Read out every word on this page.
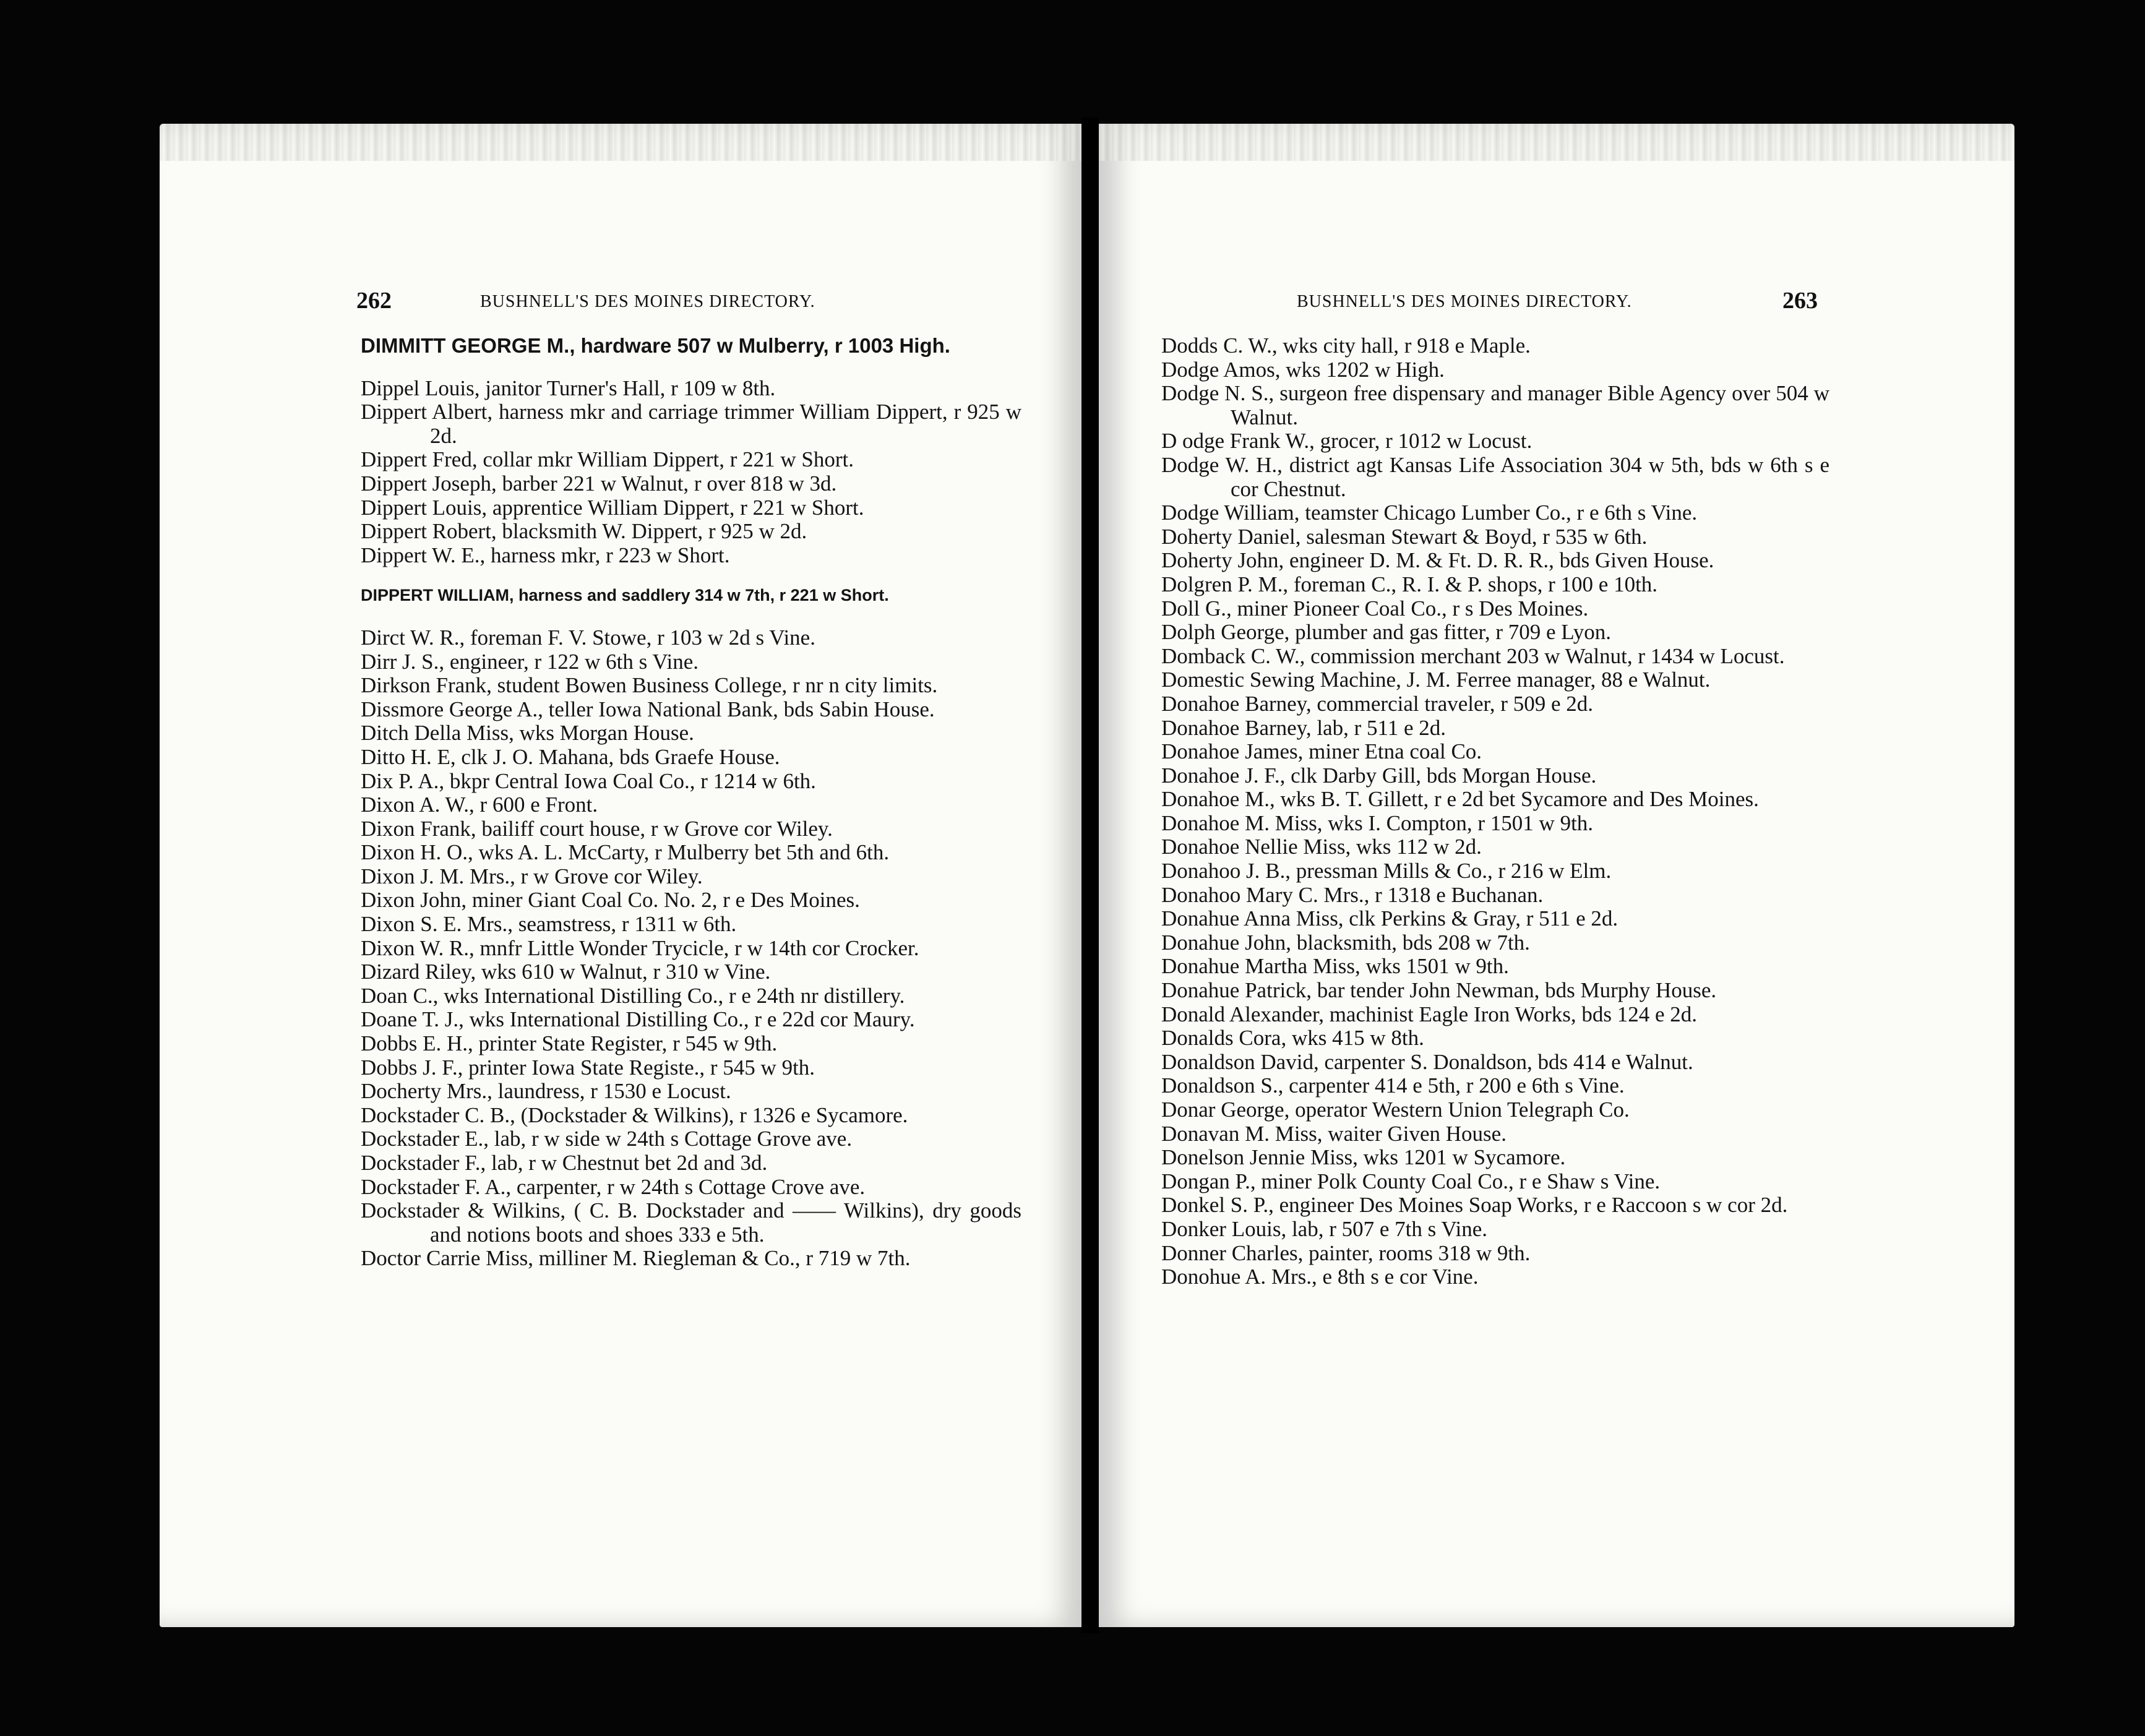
262	BUSHNELL'S DES MOINES DIRECTORY.
DIMMITT GEORGE M., hardware 507 w Mulberry, r 1003 High.
Dippel Louis, janitor Turner's Hall, r 109 w 8th.
Dippert Albert, harness mkr and carriage trimmer William Dippert, r 925 w 2d.
Dippert Fred, collar mkr William Dippert, r 221 w Short.
Dippert Joseph, barber 221 w Walnut, r over 818 w 3d.
Dippert Louis, apprentice William Dippert, r 221 w Short.
Dippert Robert, blacksmith W. Dippert, r 925 w 2d.
Dippert W. E., harness mkr, r 223 w Short.
DIPPERT WILLIAM, harness and saddlery 314 w 7th, r 221 w Short.
Dirct W. R., foreman F. V. Stowe, r 103 w 2d s Vine.
Dirr J. S., engineer, r 122 w 6th s Vine.
Dirkson Frank, student Bowen Business College, r nr n city limits.
Dissmore George A., teller Iowa National Bank, bds Sabin House.
Ditch Della Miss, wks Morgan House.
Ditto H. E, clk J. O. Mahana, bds Graefe House.
Dix P. A., bkpr Central Iowa Coal Co., r 1214 w 6th.
Dixon A. W., r 600 e Front.
Dixon Frank, bailiff court house, r w Grove cor Wiley.
Dixon H. O., wks A. L. McCarty, r Mulberry bet 5th and 6th.
Dixon J. M. Mrs., r w Grove cor Wiley.
Dixon John, miner Giant Coal Co. No. 2, r e Des Moines.
Dixon S. E. Mrs., seamstress, r 1311 w 6th.
Dixon W. R., mnfr Little Wonder Trycicle, r w 14th cor Crocker.
Dizard Riley, wks 610 w Walnut, r 310 w Vine.
Doan C., wks International Distilling Co., r e 24th nr distillery.
Doane T. J., wks International Distilling Co., r e 22d cor Maury.
Dobbs E. H., printer State Register, r 545 w 9th.
Dobbs J. F., printer Iowa State Registe., r 545 w 9th.
Docherty Mrs., laundress, r 1530 e Locust.
Dockstader C. B., (Dockstader & Wilkins), r 1326 e Sycamore.
Dockstader E., lab, r w side w 24th s Cottage Grove ave.
Dockstader F., lab, r w Chestnut bet 2d and 3d.
Dockstader F. A., carpenter, r w 24th s Cottage Crove ave.
Dockstader & Wilkins, ( C. B. Dockstader and —— Wilkins), dry goods and notions boots and shoes 333 e 5th.
Doctor Carrie Miss, milliner M. Riegleman & Co., r 719 w 7th.
BUSHNELL'S DES MOINES DIRECTORY.	263
Dodds C. W., wks city hall, r 918 e Maple.
Dodge Amos, wks 1202 w High.
Dodge N. S., surgeon free dispensary and manager Bible Agency over 504 w Walnut.
D odge Frank W., grocer, r 1012 w Locust.
Dodge W. H., district agt Kansas Life Association 304 w 5th, bds w 6th s e cor Chestnut.
Dodge William, teamster Chicago Lumber Co., r e 6th s Vine.
Doherty Daniel, salesman Stewart & Boyd, r 535 w 6th.
Doherty John, engineer D. M. & Ft. D. R. R., bds Given House.
Dolgren P. M., foreman C., R. I. & P. shops, r 100 e 10th.
Doll G., miner Pioneer Coal Co., r s Des Moines.
Dolph George, plumber and gas fitter, r 709 e Lyon.
Domback C. W., commission merchant 203 w Walnut, r 1434 w Locust.
Domestic Sewing Machine, J. M. Ferree manager, 88 e Walnut.
Donahoe Barney, commercial traveler, r 509 e 2d.
Donahoe Barney, lab, r 511 e 2d.
Donahoe James, miner Etna coal Co.
Donahoe J. F., clk Darby Gill, bds Morgan House.
Donahoe M., wks B. T. Gillett, r e 2d bet Sycamore and Des Moines.
Donahoe M. Miss, wks I. Compton, r 1501 w 9th.
Donahoe Nellie Miss, wks 112 w 2d.
Donahoo J. B., pressman Mills & Co., r 216 w Elm.
Donahoo Mary C. Mrs., r 1318 e Buchanan.
Donahue Anna Miss, clk Perkins & Gray, r 511 e 2d.
Donahue John, blacksmith, bds 208 w 7th.
Donahue Martha Miss, wks 1501 w 9th.
Donahue Patrick, bar tender John Newman, bds Murphy House.
Donald Alexander, machinist Eagle Iron Works, bds 124 e 2d.
Donalds Cora, wks 415 w 8th.
Donaldson David, carpenter S. Donaldson, bds 414 e Walnut.
Donaldson S., carpenter 414 e 5th, r 200 e 6th s Vine.
Donar George, operator Western Union Telegraph Co.
Donavan M. Miss, waiter Given House.
Donelson Jennie Miss, wks 1201 w Sycamore.
Dongan P., miner Polk County Coal Co., r e Shaw s Vine.
Donkel S. P., engineer Des Moines Soap Works, r e Raccoon s w cor 2d.
Donker Louis, lab, r 507 e 7th s Vine.
Donner Charles, painter, rooms 318 w 9th.
Donohue A. Mrs., e 8th s e cor Vine.
